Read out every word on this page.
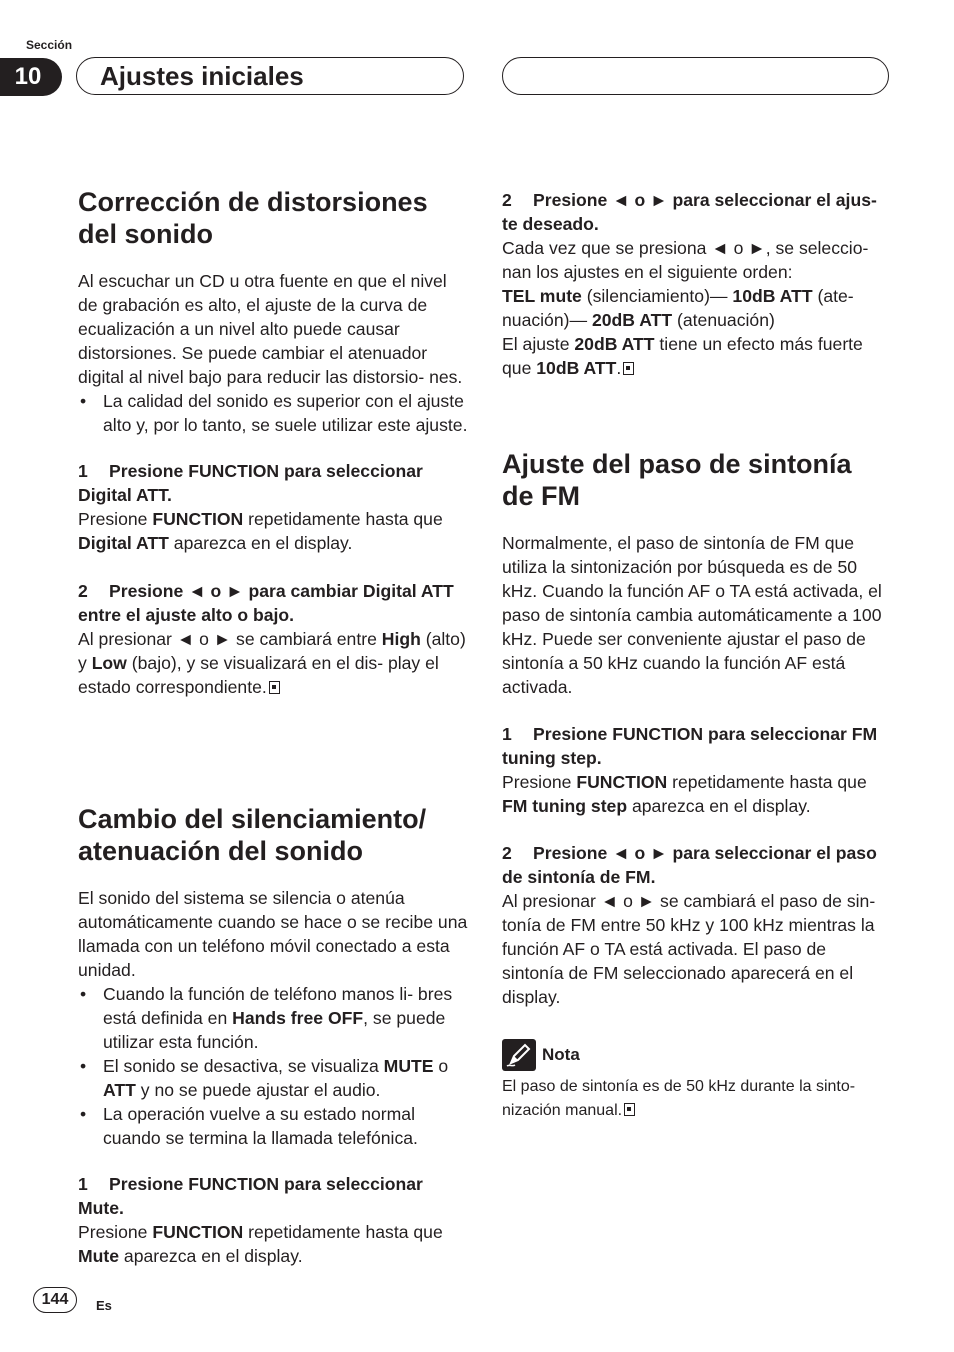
Sección
10	Ajustes iniciales
Corrección de distorsiones
del sonido

Al escuchar un CD u otra fuente en que el nivel de grabación es alto, el ajuste de la curva de ecualización a un nivel alto puede causar distorsiones. Se puede cambiar el atenuador digital al nivel bajo para reducir las distorsio- nes.

• La calidad del sonido es superior con el ajuste alto y, por lo tanto, se suele utilizar este ajuste.

1 Presione FUNCTION para seleccionar Digital ATT.

Presione FUNCTION repetidamente hasta que Digital ATT aparezca en el display.

2 Presione ◄ o ► para cambiar Digital ATT entre el ajuste alto o bajo.

Al presionar ◄ o ► se cambiará entre High (alto) y Low (bajo), y se visualizará en el dis- play el estado correspondiente.

Cambio del silenciamiento/
atenuación del sonido

El sonido del sistema se silencia o atenúa automáticamente cuando se hace o se recibe una llamada con un teléfono móvil conectado a esta unidad.

• Cuando la función de teléfono manos li- bres está definida en Hands free OFF, se puede utilizar esta función.
• El sonido se desactiva, se visualiza MUTE o ATT y no se puede ajustar el audio.
• La operación vuelve a su estado normal cuando se termina la llamada telefónica.

1 Presione FUNCTION para seleccionar Mute.

Presione FUNCTION repetidamente hasta que Mute aparezca en el display.

2 Presione ◄ o ► para seleccionar el ajus- te deseado.

Cada vez que se presiona ◄ o ►, se seleccio- nan los ajustes en el siguiente orden:

TEL mute (silenciamiento)— 10dB ATT (ate- nuación)— 20dB ATT (atenuación)

El ajuste 20dB ATT tiene un efecto más fuerte que 10dB ATT.

Ajuste del paso de sintonía
de FM

Normalmente, el paso de sintonía de FM que utiliza la sintonización por búsqueda es de 50 kHz. Cuando la función AF o TA está activada, el paso de sintonía cambia automáticamente a 100 kHz. Puede ser conveniente ajustar el paso de sintonía a 50 kHz cuando la función AF está activada.

1 Presione FUNCTION para seleccionar FM tuning step.

Presione FUNCTION repetidamente hasta que FM tuning step aparezca en el display.

2 Presione ◄ o ► para seleccionar el paso de sintonía de FM.

Al presionar ◄ o ► se cambiará el paso de sin- tonía de FM entre 50 kHz y 100 kHz mientras la función AF o TA está activada. El paso de sintonía de FM seleccionado aparecerá en el display.

Nota

El paso de sintonía es de 50 kHz durante la sinto- nización manual.

144	Es
